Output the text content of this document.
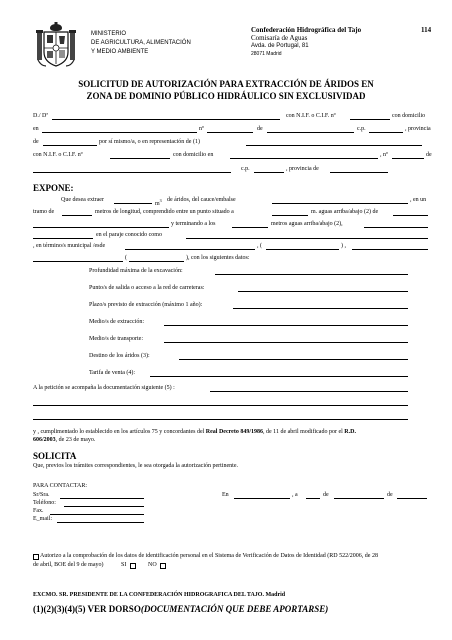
MINISTERIO
DE AGRICULTURA, ALIMENTACIÓN
Y MEDIO AMBIENTE
Confederación Hidrográfica del Tajo
Comisaría de Aguas
Avda. de Portugal, 81
28071 Madrid
114
SOLICITUD DE AUTORIZACIÓN PARA EXTRACCIÓN DE ÁRIDOS EN
ZONA DE DOMINIO PÚBLICO HIDRÁULICO SIN EXCLUSIVIDAD
D./ Dª	con N.I.F. o C.I.F. nº	con domicilio
en	nº	de	c.p.	, provincia
de	por sí mismo/a, o en representación de (1)
con N.I.F. o C.I.F. nº	con domicilio en	, nº	de
c.p.	, provincia de
EXPONE:
Que desea extraer
$m^3$ de áridos, del cauce/embalse	, en un
tramo de	metros de longitud, comprendido entre un punto situado a	m. aguas arriba/abajo (2) de
y terminando a los	metros aguas arriba/abajo (2),
en el paraje conocido como
, en término/s municipal /esde	, (	) ,
(	), con los siguientes datos:
Profundidad máxima de la excavación:
Punto/s de salida o acceso a la red de carreteras:
Plazo/s previsto de extracción (máximo 1 año):
Medio/s de extracción:
Medio/s de transporte:
Destino de los áridos (3):
Tarifa de venta (4):
A la petición se acompaña la documentación siguiente (5) :
y , cumplimentado lo establecido en los artículos 75 y concordantes del Real Decreto 849/1986, de 11 de abril modificado por el R.D.
606/2003, de 23 de mayo.
SOLICITA
Que, previos los trámites correspondientes, le sea otorgada la autorización pertinente.
PARA CONTACTAR:
Sr/Sra.
Teléfono:
Fax.
E_mail:
En	, a	de	de
Autorizo a la comprobación de los datos de identificación personal en el Sistema de Verificación de Datos de Identidad (RD 522/2006, de 28
de abril, BOE del 9 de mayo)	SI	NO
EXCMO. SR. PRESIDENTE DE LA CONFEDERACIÓN HIDROGRAFICA DEL TAJO. Madrid
(1)(2)(3)(4)(5) VER DORSO(DOCUMENTACIÓN QUE DEBE APORTARSE)
